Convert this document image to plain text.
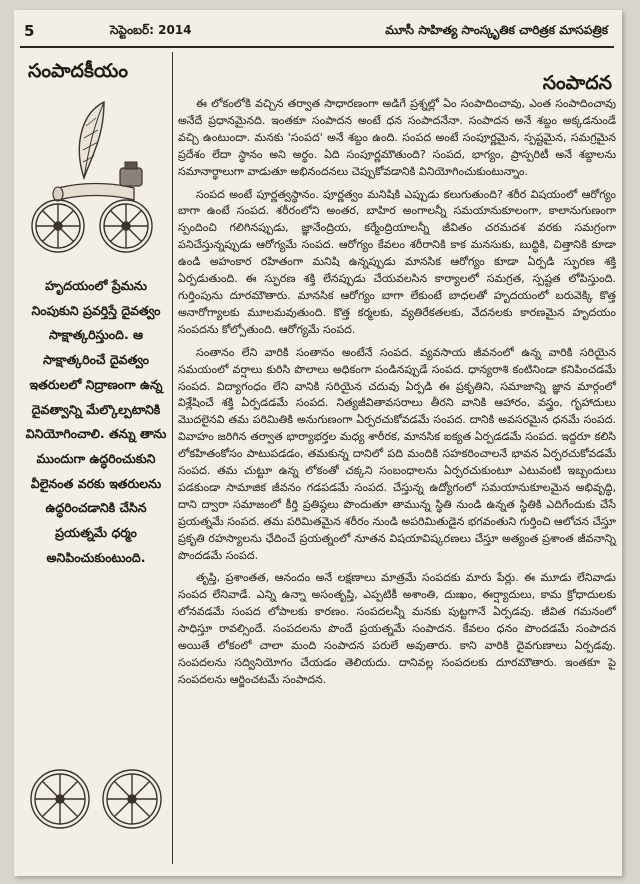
5	సెప్టెంబర్: 2014	మూసీ సాహిత్య సాంస్కృతిక చారిత్రక మాసపత్రిక
సంపాదకీయం
హృదయంలో ప్రేమను నింపుకుని ప్రవర్తిస్తే దైవత్వం సాక్షాత్కరిస్తుంది. ఆ సాక్షాత్కరించే దైవత్వం ఇతరులలో నిద్రాణంగా ఉన్న దైవత్వాన్ని మేల్కొల్పటానికి వినియోగించాలి. తన్ను తాను ముందుగా ఉద్ధరించుకుని వీలైనంత వరకు ఇతరులను ఉద్ధరించడానికి చేసిన ప్రయత్నమే ధర్మం అనిపించుకుంటుంది.
సంపాదన

ఈ లోకంలోకి వచ్చిన తర్వాత సాధారణంగా అడిగే ప్రశ్నల్లో ఏం సంపాదించావు, ఎంత సంపాదించావు అనేదే ప్రధానమైనది. ఇంతకూ సంపాదన అంటే ధన సంపాదనేనా. సంపాదన అనే శబ్దం అక్కడనుండే వచ్చి ఉంటుందా. మనకు 'సంపద' అనే శబ్దం ఉంది. సంపద అంటే సంపూర్ణమైన, స్పష్టమైన, సమగ్రమైన ప్రదేశం లేదా స్థానం అని అర్థం. ఏది సంపూర్ణమౌతుంది? సంపద, భాగ్యం, ప్రాస్పరిటీ అనే శబ్దాలను సమానార్థాలుగా వాడుతూ అభినందనలు చెప్పుకోవడానికి వినియోగించుకుంటున్నాం.

సంపద అంటే పూర్ణత్వస్థానం. పూర్ణత్వం మనిషికి ఎప్పుడు కలుగుతుంది? శరీర విషయంలో ఆరోగ్యం బాగా ఉంటే సంపద. శరీరంలోని అంతర, బాహిర అంగాలన్నీ సమయానుకూలంగా, కాలానుగుణంగా స్పందించి గలిగినప్పుడు, జ్ఞానేంద్రియ, కర్మేంద్రియాలన్నీ జీవితం చరమదశ వరకు సమగ్రంగా పనిచేస్తున్నప్పుడు ఆరోగ్యమే సంపద. ఆరోగ్యం కేవలం శరీరానికి కాక మనసుకు, బుద్ధికి, చిత్తానికి కూడా ఉండి అహంకార రహితంగా మనిషి ఉన్నప్పుడు మానసిక ఆరోగ్యం కూడా ఏర్పడి స్ఫురణ శక్తి ఏర్పడుతుంది. ఈ స్ఫురణ శక్తి లేనప్పుడు చేయవలసిన కార్యాలలో సమగ్రత, స్పష్టత లోపిస్తుంది. గుర్తింపును దూరమౌతారు. మానసిక ఆరోగ్యం బాగా లేకుంటే బాధలతో హృదయంలో బరువెక్కి కొత్త అనారోగ్యాలకు మూలమవుతుంది. కొత్త కర్మలకు, వ్యతిరేకతలకు, వేదనలకు కారణమైన హృదయం సంపదను కోల్పోతుంది. ఆరోగ్యమే సంపద.

సంతానం లేని వారికి సంతానం అంటేనే సంపద. వ్యవసాయ జీవనంలో ఉన్న వారికి సరియైన సమయంలో వర్షాలు కురిసి పొలాలు అధికంగా పండినప్పుడే సంపద. ధాన్యరాశి కంటినిండా కనిపించడమే సంపద. విద్యాగంధం లేని వానికి సరియైన చదువు ఏర్పడి ఈ ప్రకృతిని, సమాజాన్ని జ్ఞాన మార్గంలో విశ్లేషించే శక్తి ఏర్పడడమే సంపద. నిత్యజీవితావసరాలు తీరని వానికి ఆహారం, వస్త్రం, గృహాదులు మొదలైనవి తమ పరిమితికి అనుగుణంగా ఏర్పరచుకోవడమే సంపద. దానికి అవసరమైన ధనమే సంపద. వివాహం జరిగిన తర్వాత భార్యాభర్తల మధ్య శారీరక, మానసిక ఐక్యత ఏర్పడడమే సంపద. ఇద్దరూ కలిసి లోకహితంకోసం పాటుపడడం, తమకున్న దానిలో పది మందికి సహకరించాలనే భావన ఏర్పరచుకోవడమే సంపద. తమ చుట్టూ ఉన్న లోకంతో చక్కని సంబంధాలను ఏర్పరచుకుంటూ ఎటువంటి ఇబ్బందులు పడకుండా సామాజిక జీవనం గడపడమే సంపద. చేస్తున్న ఉద్యోగంలో సమయానుకూలమైన అభివృద్ధి, దాని ద్వారా సమాజంలో కీర్తి ప్రతిష్ఠలు పొందుతూ తామున్న స్థితి నుండి ఉన్నత స్థితికి ఎదిగేందుకు చేసే ప్రయత్నమే సంపద. తమ పరిమితమైన శరీరం నుండి అపరిమితుడైన భగవంతుని గుర్తించి ఆలోచన చేస్తూ ప్రకృతి రహస్యాలను ఛేదించే ప్రయత్నంలో నూతన విషయావిష్కరణలు చేస్తూ అత్యంత ప్రశాంత జీవనాన్ని పొందడమే సంపద.

తృప్తి, ప్రశాంతత, ఆనందం అనే లక్షణాలు మాత్రమే సంపదకు మారు పేర్లు. ఈ మూడు లేనివాడు సంపద లేనివాడే. ఎన్ని ఉన్నా అసంతృప్తి, ఎప్పటికీ అశాంతి, దుఃఖం, ఈర్ష్యాదులు, కామ క్రోధాదులకు లోనవడమే సంపద లోపాలకు కారణం. సంపదలన్నీ మనకు పుట్టగానే ఏర్పడవు. జీవిత గమనంలో సాధిస్తూ రావల్సిందే. సంపదలను పొందే ప్రయత్నమే సంపాదన. కేవలం ధనం పొందడమే సంపాదన అయితే లోకంలో చాలా మంది సంపాదన పరులే అవుతారు. కాని వారికి దైవగుణాలు ఏర్పడవు. సంపదలను సద్వినియోగం చేయడం తెలియదు. దానివల్ల సంపదలకు దూరమౌతారు. ఇంతకూ పై సంపదలను ఆర్జించటమే సంపాదన.
